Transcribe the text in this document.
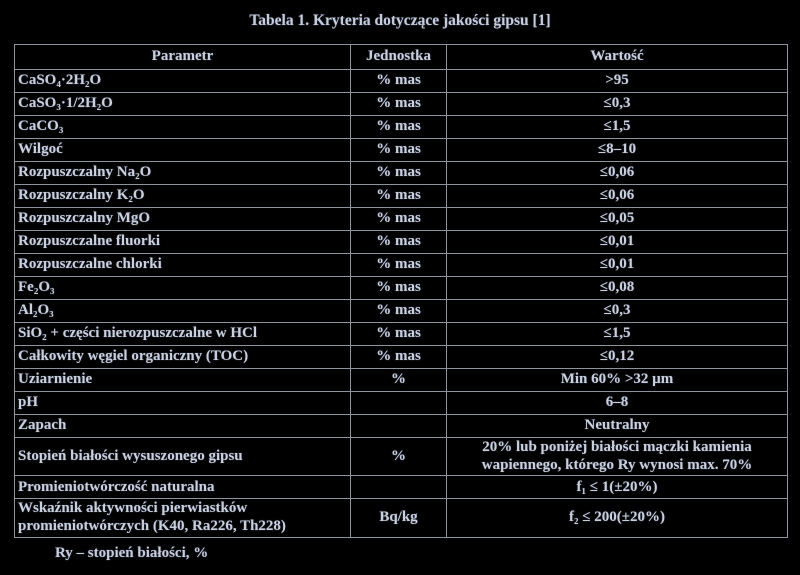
Tabela 1. Kryteria dotyczące jakości gipsu [1]
Parametr	Jednostka	Wartość
CaSO₄·2H₂O	% mas	>95
CaSO₃·1/2H₂O	% mas	≤0,3
CaCO₃	% mas	≤1,5
Wilgoć	% mas	≤8–10
Rozpuszczalny Na₂O	% mas	≤0,06
Rozpuszczalny K₂O	% mas	≤0,06
Rozpuszczalny MgO	% mas	≤0,05
Rozpuszczalne fluorki	% mas	≤0,01
Rozpuszczalne chlorki	% mas	≤0,01
Fe₂O₃	% mas	≤0,08
Al₂O₃	% mas	≤0,3
SiO₂ + części nierozpuszczalne w HCl	% mas	≤1,5
Całkowity węgiel organiczny (TOC)	% mas	≤0,12
Uziarnienie	%	Min 60% >32 µm
pH		6–8
Zapach		Neutralny
Stopień białości wysuszonego gipsu	%	20% lub poniżej białości mączki kamienia wapiennego, którego Ry wynosi max. 70%
Promieniotwórczość naturalna		f₁ ≤ 1(±20%)
Wskaźnik aktywności pierwiastków promieniotwórczych (K40, Ra226, Th228)	Bq/kg	f₂ ≤ 200(±20%)
Ry – stopień białości, %
